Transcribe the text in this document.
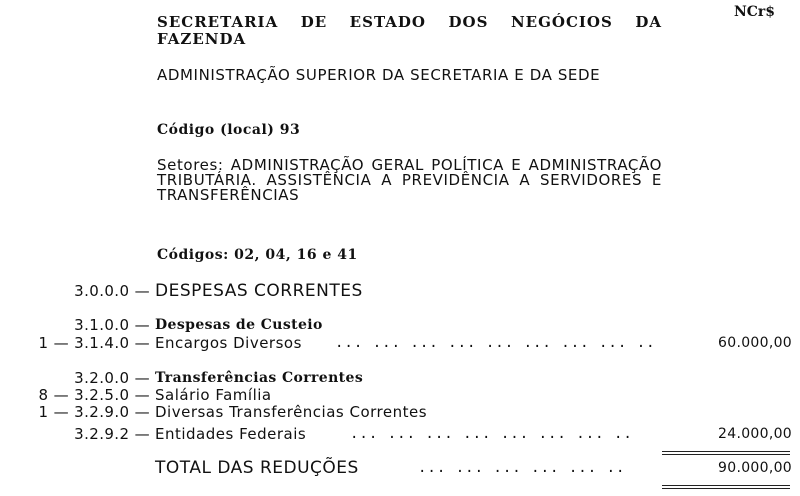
NCr$
SECRETARIA DE ESTADO DOS NEGÓCIOS DA FAZENDA
ADMINISTRAÇÃO SUPERIOR DA SECRETARIA E DA SEDE
Código (local) 93
Setores: ADMINISTRAÇÃO GERAL POLÍTICA E ADMINISTRAÇÃO TRIBUTÁRIA. ASSISTÊNCIA A PREVIDÊNCIA A SERVIDORES E TRANSFERÊNCIAS
Códigos: 02, 04, 16 e 41
3.0.0.0 — DESPESAS CORRENTES
3.1.0.0 — Despesas de Custeio
1 — 3.1.4.0 — Encargos Diversos ... ... ... ... ... ... ... ... ..	60.000,00
3.2.0.0 — Transferências Correntes
8 — 3.2.5.0 — Salário Família
1 — 3.2.9.0 — Diversas Transferências Correntes
3.2.9.2 — Entidades Federais	... ... ... ... ... ... ... ..	24.000,00
TOTAL DAS REDUÇÕES	... ... ... ... ... ..	90.000,00
